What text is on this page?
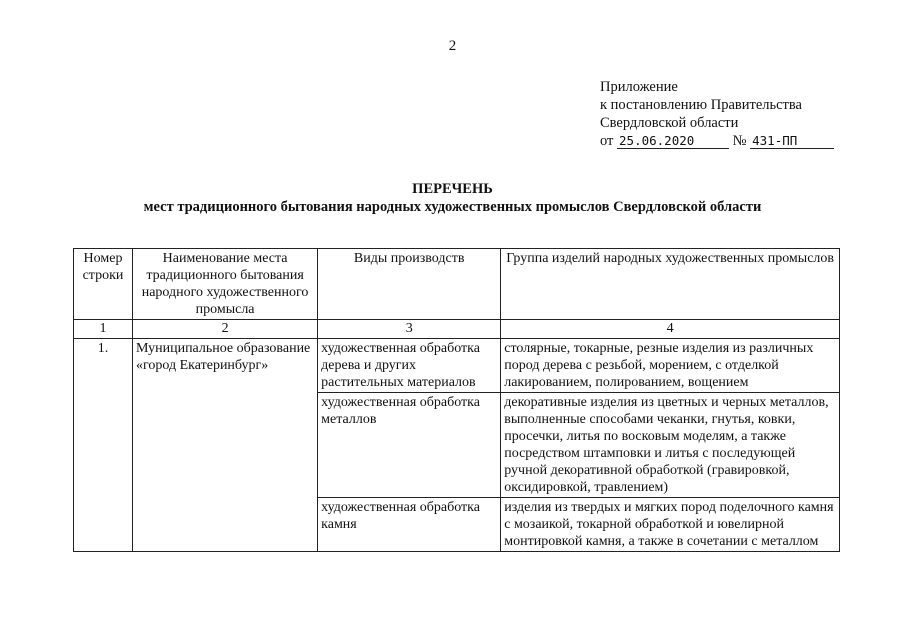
2
Приложение
к постановлению Правительства
Свердловской области
от 25.06.2020	№ 431-ПП
ПЕРЕЧЕНЬ
мест традиционного бытования народных художественных промыслов Свердловской области
Номер строки	Наименование места традиционного бытования народного художественного промысла	Виды производств	Группа изделий народных художественных промыслов
1	2	3	4
1.	Муниципальное образование «город Екатеринбург»	художественная обработка дерева и других растительных материалов	столярные, токарные, резные изделия из различных пород дерева с резьбой, морением, с отделкой лакированием, полированием, вощением
		художественная обработка металлов	декоративные изделия из цветных и черных металлов, выполненные способами чеканки, гнутья, ковки, просечки, литья по восковым моделям, а также посредством штамповки и литья с последующей ручной декоративной обработкой (гравировкой, оксидировкой, травлением)
		художественная обработка камня	изделия из твердых и мягких пород поделочного камня с мозаикой, токарной обработкой и ювелирной монтировкой камня, а также в сочетании с металлом
